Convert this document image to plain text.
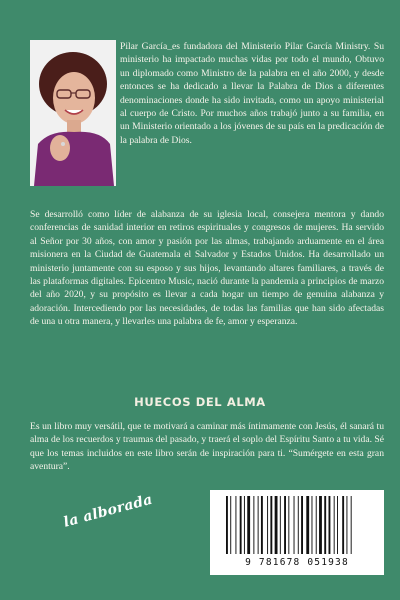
Pilar García_es fundadora del Ministerio Pilar García Ministry. Su ministerio ha impactado muchas vidas por todo el mundo, Obtuvo un diplomado como Ministro de la palabra en el año 2000, y desde entonces se ha dedicado a llevar la Palabra de Dios a diferentes denominaciones donde ha sido invitada, como un apoyo ministerial al cuerpo de Cristo. Por muchos años trabajó junto a su familia, en un Ministerio orientado a los jóvenes de su país en la predicación de la palabra de Dios.
Se desarrolló como líder de alabanza de su iglesia local, consejera mentora y dando conferencias de sanidad interior en retiros espirituales y congresos de mujeres. Ha servido al Señor por 30 años, con amor y pasión por las almas, trabajando arduamente en el área misionera en la Ciudad de Guatemala el Salvador y Estados Unidos. Ha desarrollado un ministerio juntamente con su esposo y sus hijos, levantando altares familiares, a través de las plataformas digitales. Epicentro Music, nació durante la pandemia a principios de marzo del año 2020, y su propósito es llevar a cada hogar un tiempo de genuina alabanza y adoración. Intercediendo por las necesidades, de todas las familias que han sido afectadas de una u otra manera, y llevarles una palabra de fe, amor y esperanza.
HUECOS DEL ALMA
Es un libro muy versátil, que te motivará a caminar más íntimamente con Jesús, él sanará tu alma de los recuerdos y traumas del pasado, y traerá el soplo del Espíritu Santo a tu vida. Sé que los temas incluidos en este libro serán de inspiración para ti. “Sumérgete en esta gran aventura”.
la alborada
9 781678 051938
